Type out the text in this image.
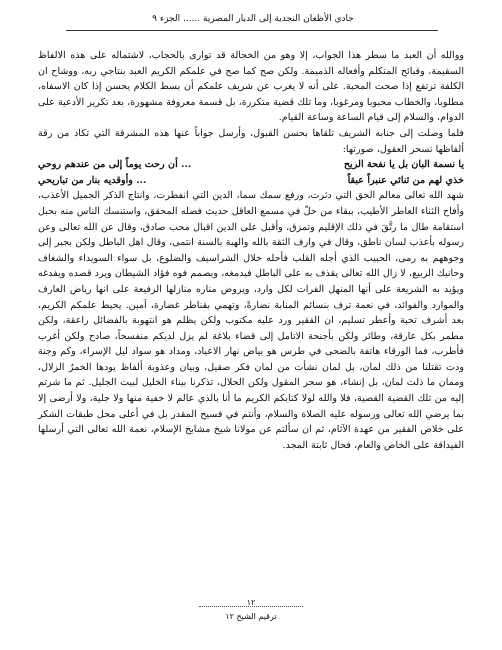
حادي الأظعان النجدية إلى الديار المصرية ...... الجزء ٩

ووالله أن العبد ما سطر هذا الجواب، إلا وهو من الخجالة قد توارى بالحجاب، لاشتماله على هذه الالفاظ السقيمة، وقبائح المتكلم وأفعاله الذميمة. ولكن صح كما صح في علمكم الكريم العبد بنتاجي ربه، ووشاح ان الكلفة ترتفع إذا صحت المحبة. على أنه لا يغرب عن شريف علمكم أن بسط الكلام يحسن إذا كان الاسفاه، مطلوبا، والخطاب محبوبا ومرغوبا، وما تلك قضية متكررة، بل قسمة معروفة مشهورة، بعد تكرير الأدعية على الدوام، والسلام إلى قيام الساعة وساعة القيام.

فلما وصلت إلى جنابه الشريف تلقاها بحسن القبول، وأرسل جواباً عنها هذه المشرقة التي تكاد من رقة ألفاظها تسحر العقول، صورتها:

يا نسمة البان بل يا نفحة الريح
... أن رحت يوماً إلى من عندهم روحي
خذي لهم من ثنائي عنبراً عبقاً
... وأوقديه بنار من تباريحي

شهد الله تعالى معالم الحق التي دثرت، ورفع سمك سما، الدين التي انفطرت، وانتاج الذكر الجميل الأعذب، وأفاح الثناء العاطر الأطيب، ببقاء من حلّ في مسمع العاقل حديث فضله المحقق، واستنسك الناس منه بحبل استقامة طال ما رتَّقَ في ذلك الإقليم وتمزق، وأقبل على الدين اقبال محب صادق، وقال عن الله تعالى وعن رسوله بأعذب لسان ناطق، وقال في وارف الثقة بالله والهبة بالسنة انتمى، وقال اهل الباطل ولكن بجبر إلى وجوههم به رمى، الحبيب الذي أجله القلب فأحله خلال الشراسيف والضلوع، بل سواء السويداء والشغاف وحانيك الربيع، لا زال الله تعالى يقذف به على الباطل فيدمغه، ويصمم فوه فؤاد الشيطان ويرد قصده ويفدغه ويؤيد به الشريعة على أنها المنهل الفرات لكل وارد، ويروض مناره منازلها الرفيعة على انها رياض العارف والموارد والفوائد، في نعمة ترف بنسائم المنابة نضارةً، وتهمي بقناطر غضارة، آمين. يحيط علمكم الكريم، بعد أشرف تحية وأعطر تسليم، ان الفقير ورد عليه مكتوب ولكن يظلم هو انتهوبة بالفضائل راعقة، ولكن مطمر بكل عارقة، وطائر ولكن بأجنحة الاتامل إلى قضاء بلاغة لم يزل لديكم منفسحاً، صادح ولكن أغرب فأطرب، فما الورقاء هاتفة بالضحى في طرس هو بياض نهار الاعياد، ومداد هو سواد ليل الإسراء، وكم وجنة ودت تقتلنا من ذلك لمان، بل لمان نشأت من لمان فكر صقيل، وبيان وعذوبة ألفاظ يودها الخمرُ الزلال، وممان ما ذلت لمان، بل إنشاء، هو سحر المقول ولكن الحلال، تذكرنا بيناء الخليل لبيت الجليل. ثم ما شرتم إليه من تلك القضية القصية، فلا والله لولا كتابكم الكريم ما أنا بالذي عالم لا خفية منها ولا جلية، ولا أرضى إلا بما يرضي الله تعالى ورسوله عليه الصلاة والسلام، وأنتم في فسيح المقدر بل في أعلى محل طبقات الشكر على خلاص الفقير من عهدة الآثام، ثم ان سألتم عن مولانا شيخ مشايخ الإسلام، نعمة الله تعالى التي أرسلها الفيداقة على الخاص والعام، فحال ثابتة المجد.

١٢
ترقيم الشيخ ١٢
